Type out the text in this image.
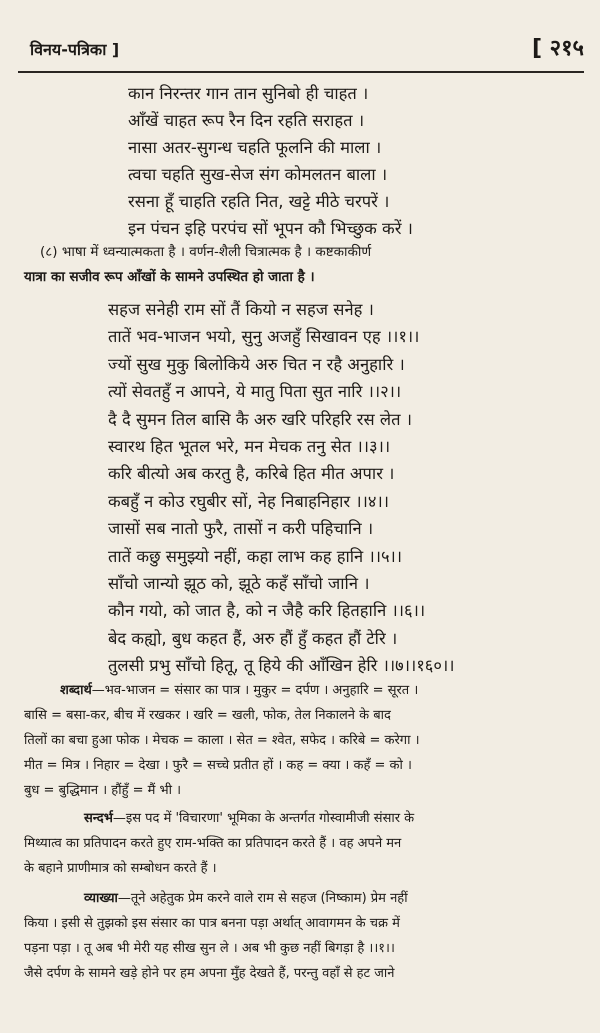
विनय-पत्रिका ]	[ २१५
कान निरन्तर गान तान सुनिबो ही चाहत ।
आँखें चाहत रूप रैन दिन रहति सराहत ।
नासा अतर-सुगन्ध चहति फूलनि की माला ।
त्वचा चहति सुख-सेज संग कोमलतन बाला ।
रसना हूँ चाहति रहति नित, खट्टे मीठे चरपरें ।
इन पंचन इहि परपंच सों भूपन कौ भिच्छुक करें ।
(८) भाषा में ध्वन्यात्मकता है । वर्णन-शैली चित्रात्मक है । कष्टकाकीर्ण
यात्रा का सजीव रूप आँखों के सामने उपस्थित हो जाता है ।
सहज सनेही राम सों तैं कियो न सहज सनेह ।
तातें भव-भाजन भयो, सुनु अजहुँ सिखावन एह ।।१।।
ज्यों सुख मुकु बिलोकिये अरु चित न रहै अनुहारि ।
त्यों सेवतहुँ न आपने, ये मातु पिता सुत नारि ।।२।।
दै दै सुमन तिल बासि कै अरु खरि परिहरि रस लेत ।
स्वारथ हित भूतल भरे, मन मेचक तनु सेत ।।३।।
करि बीत्यो अब करतु है, करिबे हित मीत अपार ।
कबहुँ न कोउ रघुबीर सों, नेह निबाहनिहार ।।४।।
जासों सब नातो फुरै, तासों न करी पहिचानि ।
तातें कछु समुझ्यो नहीं, कहा लाभ कह हानि ।।५।।
साँचो जान्यो झूठ को, झूठे कहँ साँचो जानि ।
कौन गयो, को जात है, को न जैहै करि हितहानि ।।६।।
बेद कह्यो, बुध कहत हैं, अरु हौं हुँ कहत हौं टेरि ।
तुलसी प्रभु साँचो हितू, तू हिये की आँखिन हेरि ।।७।।१६०।।
शब्दार्थ—भव-भाजन = संसार का पात्र । मुकुर = दर्पण । अनुहारि = सूरत ।
बासि = बसा-कर, बीच में रखकर । खरि = खली, फोक, तेल निकालने के बाद
तिलों का बचा हुआ फोक । मेचक = काला । सेत = श्वेत, सफेद । करिबे = करेगा ।
मीत = मित्र । निहार = देखा । फुरै = सच्चे प्रतीत हों । कह = क्या । कहँ = को ।
बुध = बुद्धिमान । हौंहुँ = मैं भी ।
सन्दर्भ—इस पद में 'विचारणा' भूमिका के अन्तर्गत गोस्वामीजी संसार के
मिथ्यात्व का प्रतिपादन करते हुए राम-भक्ति का प्रतिपादन करते हैं । वह अपने मन
के बहाने प्राणीमात्र को सम्बोधन करते हैं ।
व्याख्या—तूने अहेतुक प्रेम करने वाले राम से सहज (निष्काम) प्रेम नहीं
किया । इसी से तुझको इस संसार का पात्र बनना पड़ा अर्थात् आवागमन के चक्र में
पड़ना पड़ा । तू अब भी मेरी यह सीख सुन ले । अब भी कुछ नहीं बिगड़ा है ।।१।।
जैसे दर्पण के सामने खड़े होने पर हम अपना मुँह देखते हैं, परन्तु वहाँ से हट जाने
